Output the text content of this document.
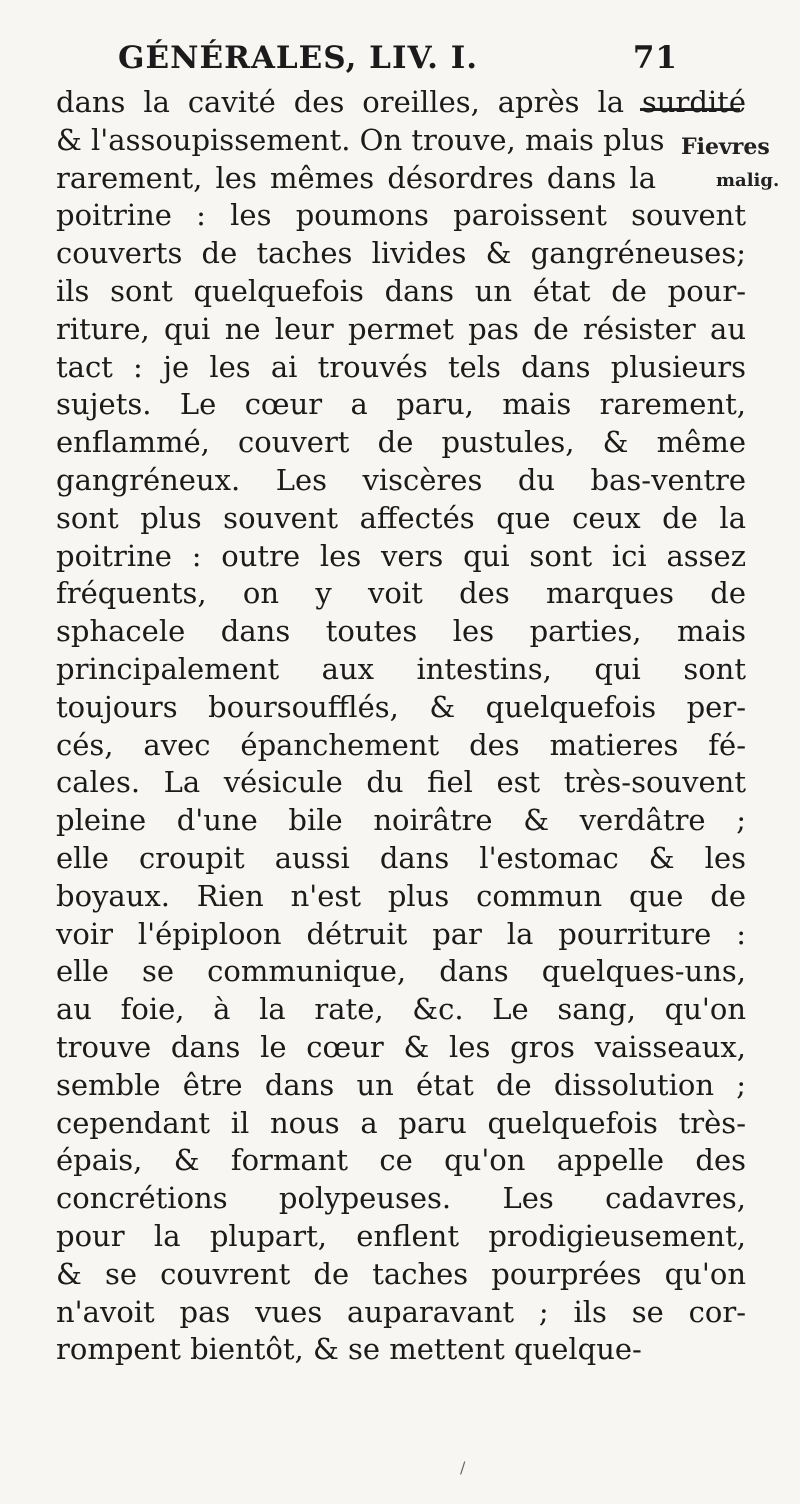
GÉNÉRALES, LIV. I.	71
Fievres
malig.
dans la cavité des oreilles, après la surdité
& l'assoupissement. On trouve, mais plus
rarement, les mêmes désordres dans la
poitrine : les poumons paroissent souvent
couverts de taches livides & gangréneuses;
ils sont quelquefois dans un état de pour-
riture, qui ne leur permet pas de résister au
tact : je les ai trouvés tels dans plusieurs
sujets. Le cœur a paru, mais rarement,
enflammé, couvert de pustules, & même
gangréneux. Les viscères du bas-ventre
sont plus souvent affectés que ceux de la
poitrine : outre les vers qui sont ici assez
fréquents, on y voit des marques de
sphacele dans toutes les parties, mais
principalement aux intestins, qui sont
toujours boursoufflés, & quelquefois per-
cés, avec épanchement des matieres fé-
cales. La vésicule du fiel est très-souvent
pleine d'une bile noirâtre & verdâtre ;
elle croupit aussi dans l'estomac & les
boyaux. Rien n'est plus commun que de
voir l'épiploon détruit par la pourriture :
elle se communique, dans quelques-uns,
au foie, à la rate, &c. Le sang, qu'on
trouve dans le cœur & les gros vaisseaux,
semble être dans un état de dissolution ;
cependant il nous a paru quelquefois très-
épais, & formant ce qu'on appelle des
concrétions polypeuses. Les cadavres,
pour la plupart, enflent prodigieusement,
& se couvrent de taches pourprées qu'on
n'avoit pas vues auparavant ; ils se cor-
rompent bientôt, & se mettent quelque-
/
